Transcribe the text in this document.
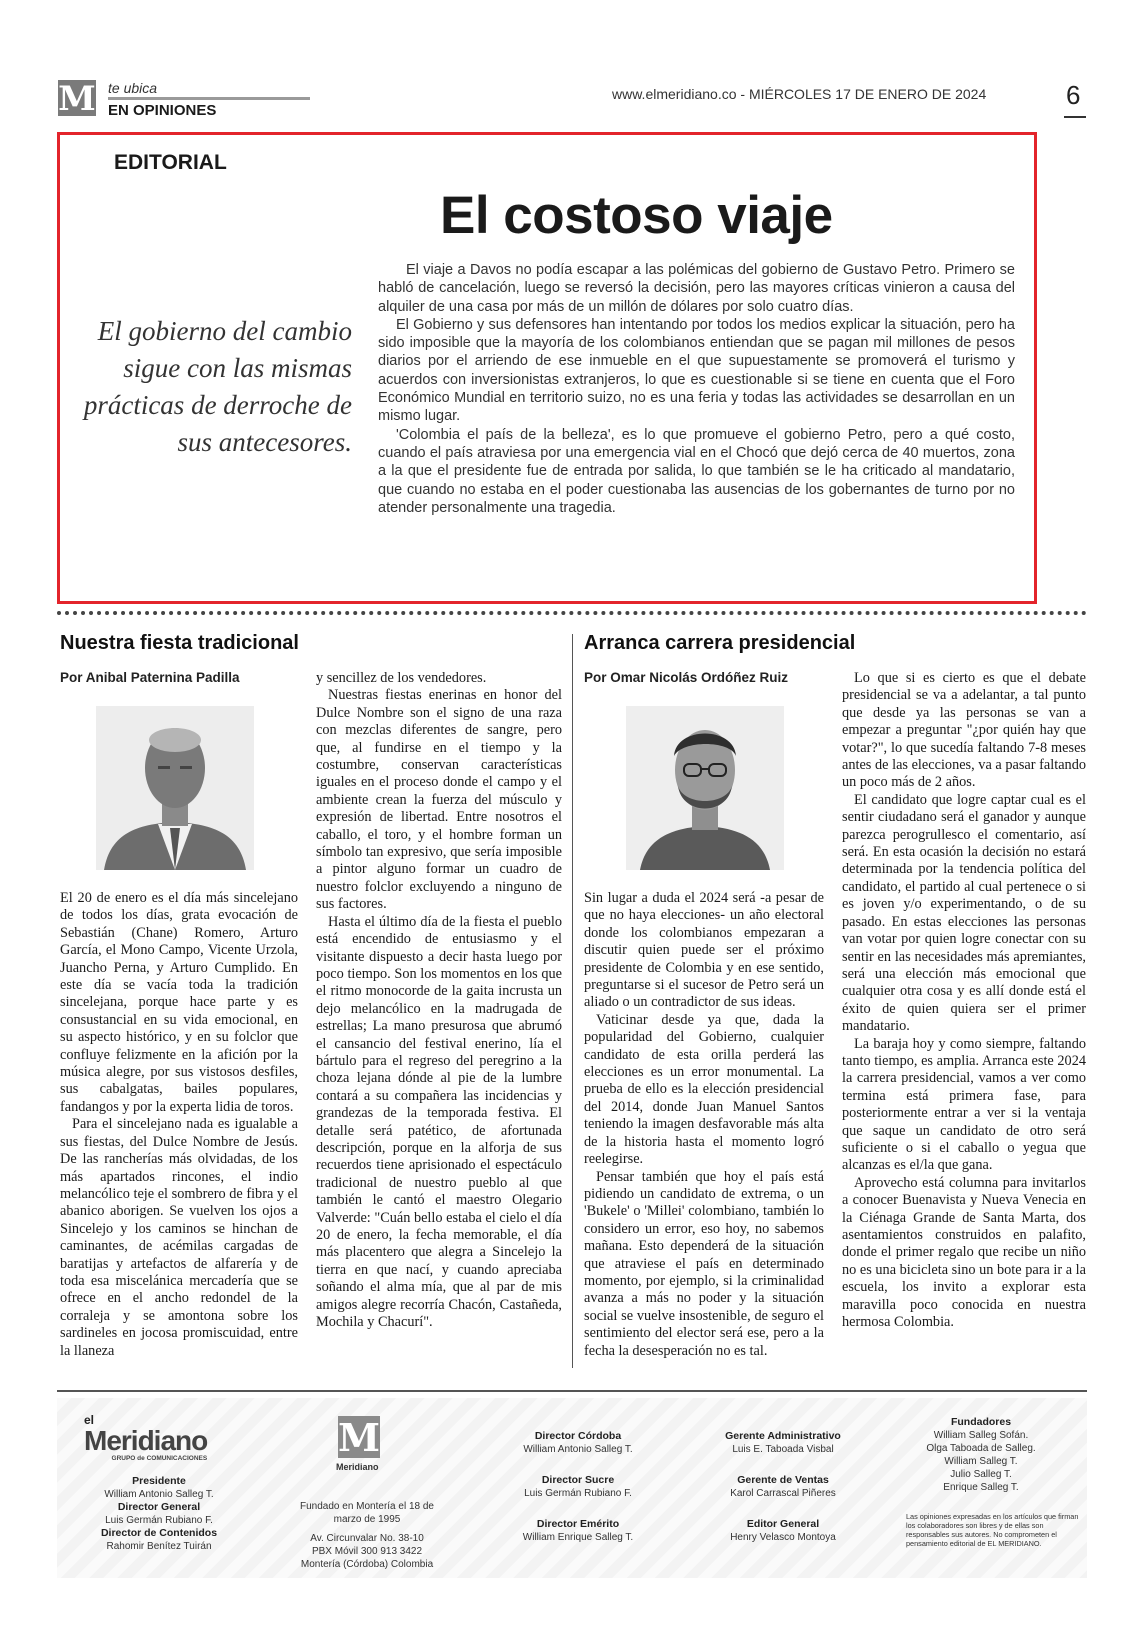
M te ubica
EN OPINIONES
www.elmeridiano.co - MIÉRCOLES 17 DE ENERO DE 2024	6
EDITORIAL
El costoso viaje
El gobierno del cambio sigue con las mismas prácticas de derroche de sus antecesores.

El viaje a Davos no podía escapar a las polémicas del gobierno de Gustavo Petro. Primero se habló de cancelación, luego se reversó la decisión, pero las mayores críticas vinieron a causa del alquiler de una casa por más de un millón de dólares por solo cuatro días.

El Gobierno y sus defensores han intentando por todos los medios explicar la situación, pero ha sido imposible que la mayoría de los colombianos entiendan que se pagan mil millones de pesos diarios por el arriendo de ese inmueble en el que supuestamente se promoverá el turismo y acuerdos con inversionistas extranjeros, lo que es cuestionable si se tiene en cuenta que el Foro Económico Mundial en territorio suizo, no es una feria y todas las actividades se desarrollan en un mismo lugar.

'Colombia el país de la belleza', es lo que promueve el gobierno Petro, pero a qué costo, cuando el país atraviesa por una emergencia vial en el Chocó que dejó cerca de 40 muertos, zona a la que el presidente fue de entrada por salida, lo que también se le ha criticado al mandatario, que cuando no estaba en el poder cuestionaba las ausencias de los gobernantes de turno por no atender personalmente una tragedia.

Nuestra fiesta tradicional
Por Anibal Paternina Padilla

El 20 de enero es el día más sincelejano de todos los días, grata evocación de Sebastián (Chane) Romero, Arturo García, el Mono Campo, Vicente Urzola, Juancho Perna, y Arturo Cumplido. En este día se vacía toda la tradición sincelejana, porque hace parte y es consustancial en su vida emocional, en su aspecto histórico, y en su folclor que confluye felizmente en la afición por la música alegre, por sus vistosos desfiles, sus cabalgatas, bailes populares, fandangos y por la experta lidia de toros.

Para el sincelejano nada es igualable a sus fiestas, del Dulce Nombre de Jesús. De las rancherías más olvidadas, de los más apartados rincones, el indio melancólico teje el sombrero de fibra y el abanico aborigen. Se vuelven los ojos a Sincelejo y los caminos se hinchan de caminantes, de acémilas cargadas de baratijas y artefactos de alfarería y de toda esa miscelánica mercadería que se ofrece en el ancho redondel de la corraleja y se amontona sobre los sardineles en jocosa promiscuidad, entre la llaneza

y sencillez de los vendedores.

Nuestras fiestas enerinas en honor del Dulce Nombre son el signo de una raza con mezclas diferentes de sangre, pero que, al fundirse en el tiempo y la costumbre, conservan características iguales en el proceso donde el campo y el ambiente crean la fuerza del músculo y expresión de libertad. Entre nosotros el caballo, el toro, y el hombre forman un símbolo tan expresivo, que sería imposible a pintor alguno formar un cuadro de nuestro folclor excluyendo a ninguno de sus factores.

Hasta el último día de la fiesta el pueblo está encendido de entusiasmo y el visitante dispuesto a decir hasta luego por poco tiempo. Son los momentos en los que el ritmo monocorde de la gaita incrusta un dejo melancólico en la madrugada de estrellas; La mano presurosa que abrumó el cansancio del festival enerino, lía el bártulo para el regreso del peregrino a la choza lejana dónde al pie de la lumbre contará a su compañera las incidencias y grandezas de la temporada festiva. El detalle será patético, de afortunada descripción, porque en la alforja de sus recuerdos tiene aprisionado el espectáculo tradicional de nuestro pueblo al que también le cantó el maestro Olegario Valverde: "Cuán bello estaba el cielo el día 20 de enero, la fecha memorable, el día más placentero que alegra a Sincelejo la tierra en que nací, y cuando apreciaba soñando el alma mía, que al par de mis amigos alegre recorría Chacón, Castañeda, Mochila y Chacurí".

Arranca carrera presidencial
Por Omar Nicolás Ordóñez Ruiz

Sin lugar a duda el 2024 será -a pesar de que no haya elecciones- un año electoral donde los colombianos empezaran a discutir quien puede ser el próximo presidente de Colombia y en ese sentido, preguntarse si el sucesor de Petro será un aliado o un contradictor de sus ideas.

Vaticinar desde ya que, dada la popularidad del Gobierno, cualquier candidato de esta orilla perderá las elecciones es un error monumental. La prueba de ello es la elección presidencial del 2014, donde Juan Manuel Santos teniendo la imagen desfavorable más alta de la historia hasta el momento logró reelegirse.

Pensar también que hoy el país está pidiendo un candidato de extrema, o un 'Bukele' o 'Millei' colombiano, también lo considero un error, eso hoy, no sabemos mañana. Esto dependerá de la situación que atraviese el país en determinado momento, por ejemplo, si la criminalidad avanza a más no poder y la situación social se vuelve insostenible, de seguro el sentimiento del elector será ese, pero a la fecha la desesperación no es tal.

Lo que si es cierto es que el debate presidencial se va a adelantar, a tal punto que desde ya las personas se van a empezar a preguntar "¿por quién hay que votar?", lo que sucedía faltando 7-8 meses antes de las elecciones, va a pasar faltando un poco más de 2 años.

El candidato que logre captar cual es el sentir ciudadano será el ganador y aunque parezca perogrullesco el comentario, así será. En esta ocasión la decisión no estará determinada por la tendencia política del candidato, el partido al cual pertenece o si es joven y/o experimentando, o de su pasado. En estas elecciones las personas van votar por quien logre conectar con su sentir en las necesidades más apremiantes, será una elección más emocional que cualquier otra cosa y es allí donde está el éxito de quien quiera ser el primer mandatario.

La baraja hoy y como siempre, faltando tanto tiempo, es amplia. Arranca este 2024 la carrera presidencial, vamos a ver como termina está primera fase, para posteriormente entrar a ver si la ventaja que saque un candidato de otro será suficiente o si el caballo o yegua que alcanzas es el/la que gana.

Aprovecho está columna para invitarlos a conocer Buenavista y Nueva Venecia en la Ciénaga Grande de Santa Marta, dos asentamientos construidos en palafito, donde el primer regalo que recibe un niño no es una bicicleta sino un bote para ir a la escuela, los invito a explorar esta maravilla poco conocida en nuestra hermosa Colombia.

el
Meridiano
GRUPO de COMUNICACIONES
Presidente
William Antonio Salleg T.
Director General
Luis Germán Rubiano F.
Director de Contenidos
Rahomir Benítez Tuirán
M
Meridiano
Fundado en Montería el 18 de marzo de 1995
Av. Circunvalar No. 38-10
PBX Móvil 300 913 3422
Montería (Córdoba) Colombia
Director Córdoba
William Antonio Salleg T.
Director Sucre
Luis Germán Rubiano F.
Director Emérito
William Enrique Salleg T.
Gerente Administrativo
Luis E. Taboada Visbal
Gerente de Ventas
Karol Carrascal Piñeres
Editor General
Henry Velasco Montoya
Fundadores
William Salleg Sofán.
Olga Taboada de Salleg.
William Salleg T.
Julio Salleg T.
Enrique Salleg T.
Las opiniones expresadas en los artículos que firman los colaboradores son libres y de ellas son responsables sus autores. No comprometen el pensamiento editorial de EL MERIDIANO.
